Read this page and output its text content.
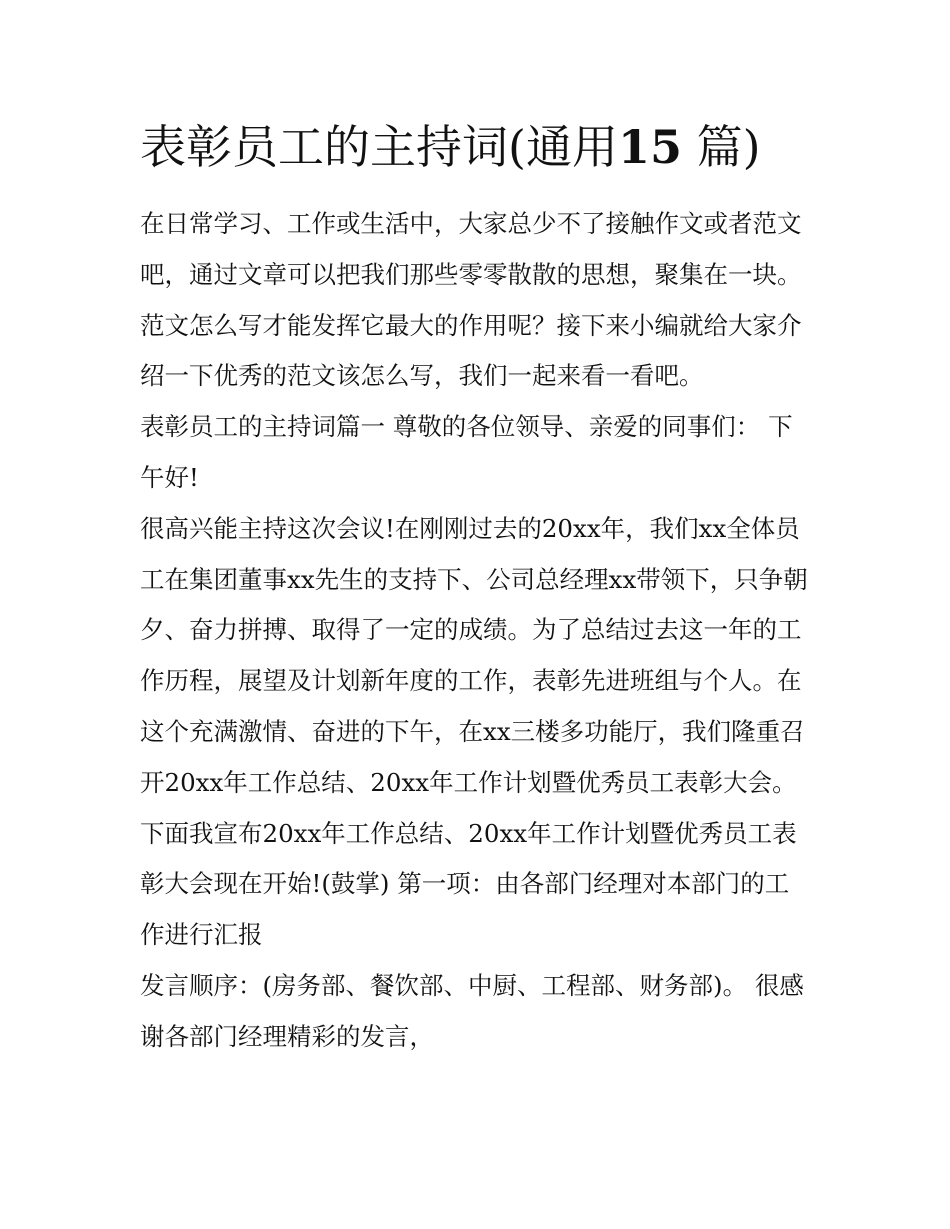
表彰员工的主持词(通用15 篇)

在日常学习、工作或生活中，大家总少不了接触作文或者范文吧，通过文章可以把我们那些零零散散的思想，聚集在一块。范文怎么写才能发挥它最大的作用呢？接下来小编就给大家介绍一下优秀的范文该怎么写，我们一起来看一看吧。

表彰员工的主持词篇一 尊敬的各位领导、亲爱的同事们： 下午好!

很高兴能主持这次会议!在刚刚过去的20xx年，我们xx全体员工在集团董事xx先生的支持下、公司总经理xx带领下，只争朝夕、奋力拼搏、取得了一定的成绩。为了总结过去这一年的工作历程，展望及计划新年度的工作，表彰先进班组与个人。在这个充满激情、奋进的下午，在xx三楼多功能厅，我们隆重召开20xx年工作总结、20xx年工作计划暨优秀员工表彰大会。

下面我宣布20xx年工作总结、20xx年工作计划暨优秀员工表彰大会现在开始!(鼓掌) 第一项：由各部门经理对本部门的工作进行汇报

发言顺序：(房务部、餐饮部、中厨、工程部、财务部)。 很感谢各部门经理精彩的发言，
